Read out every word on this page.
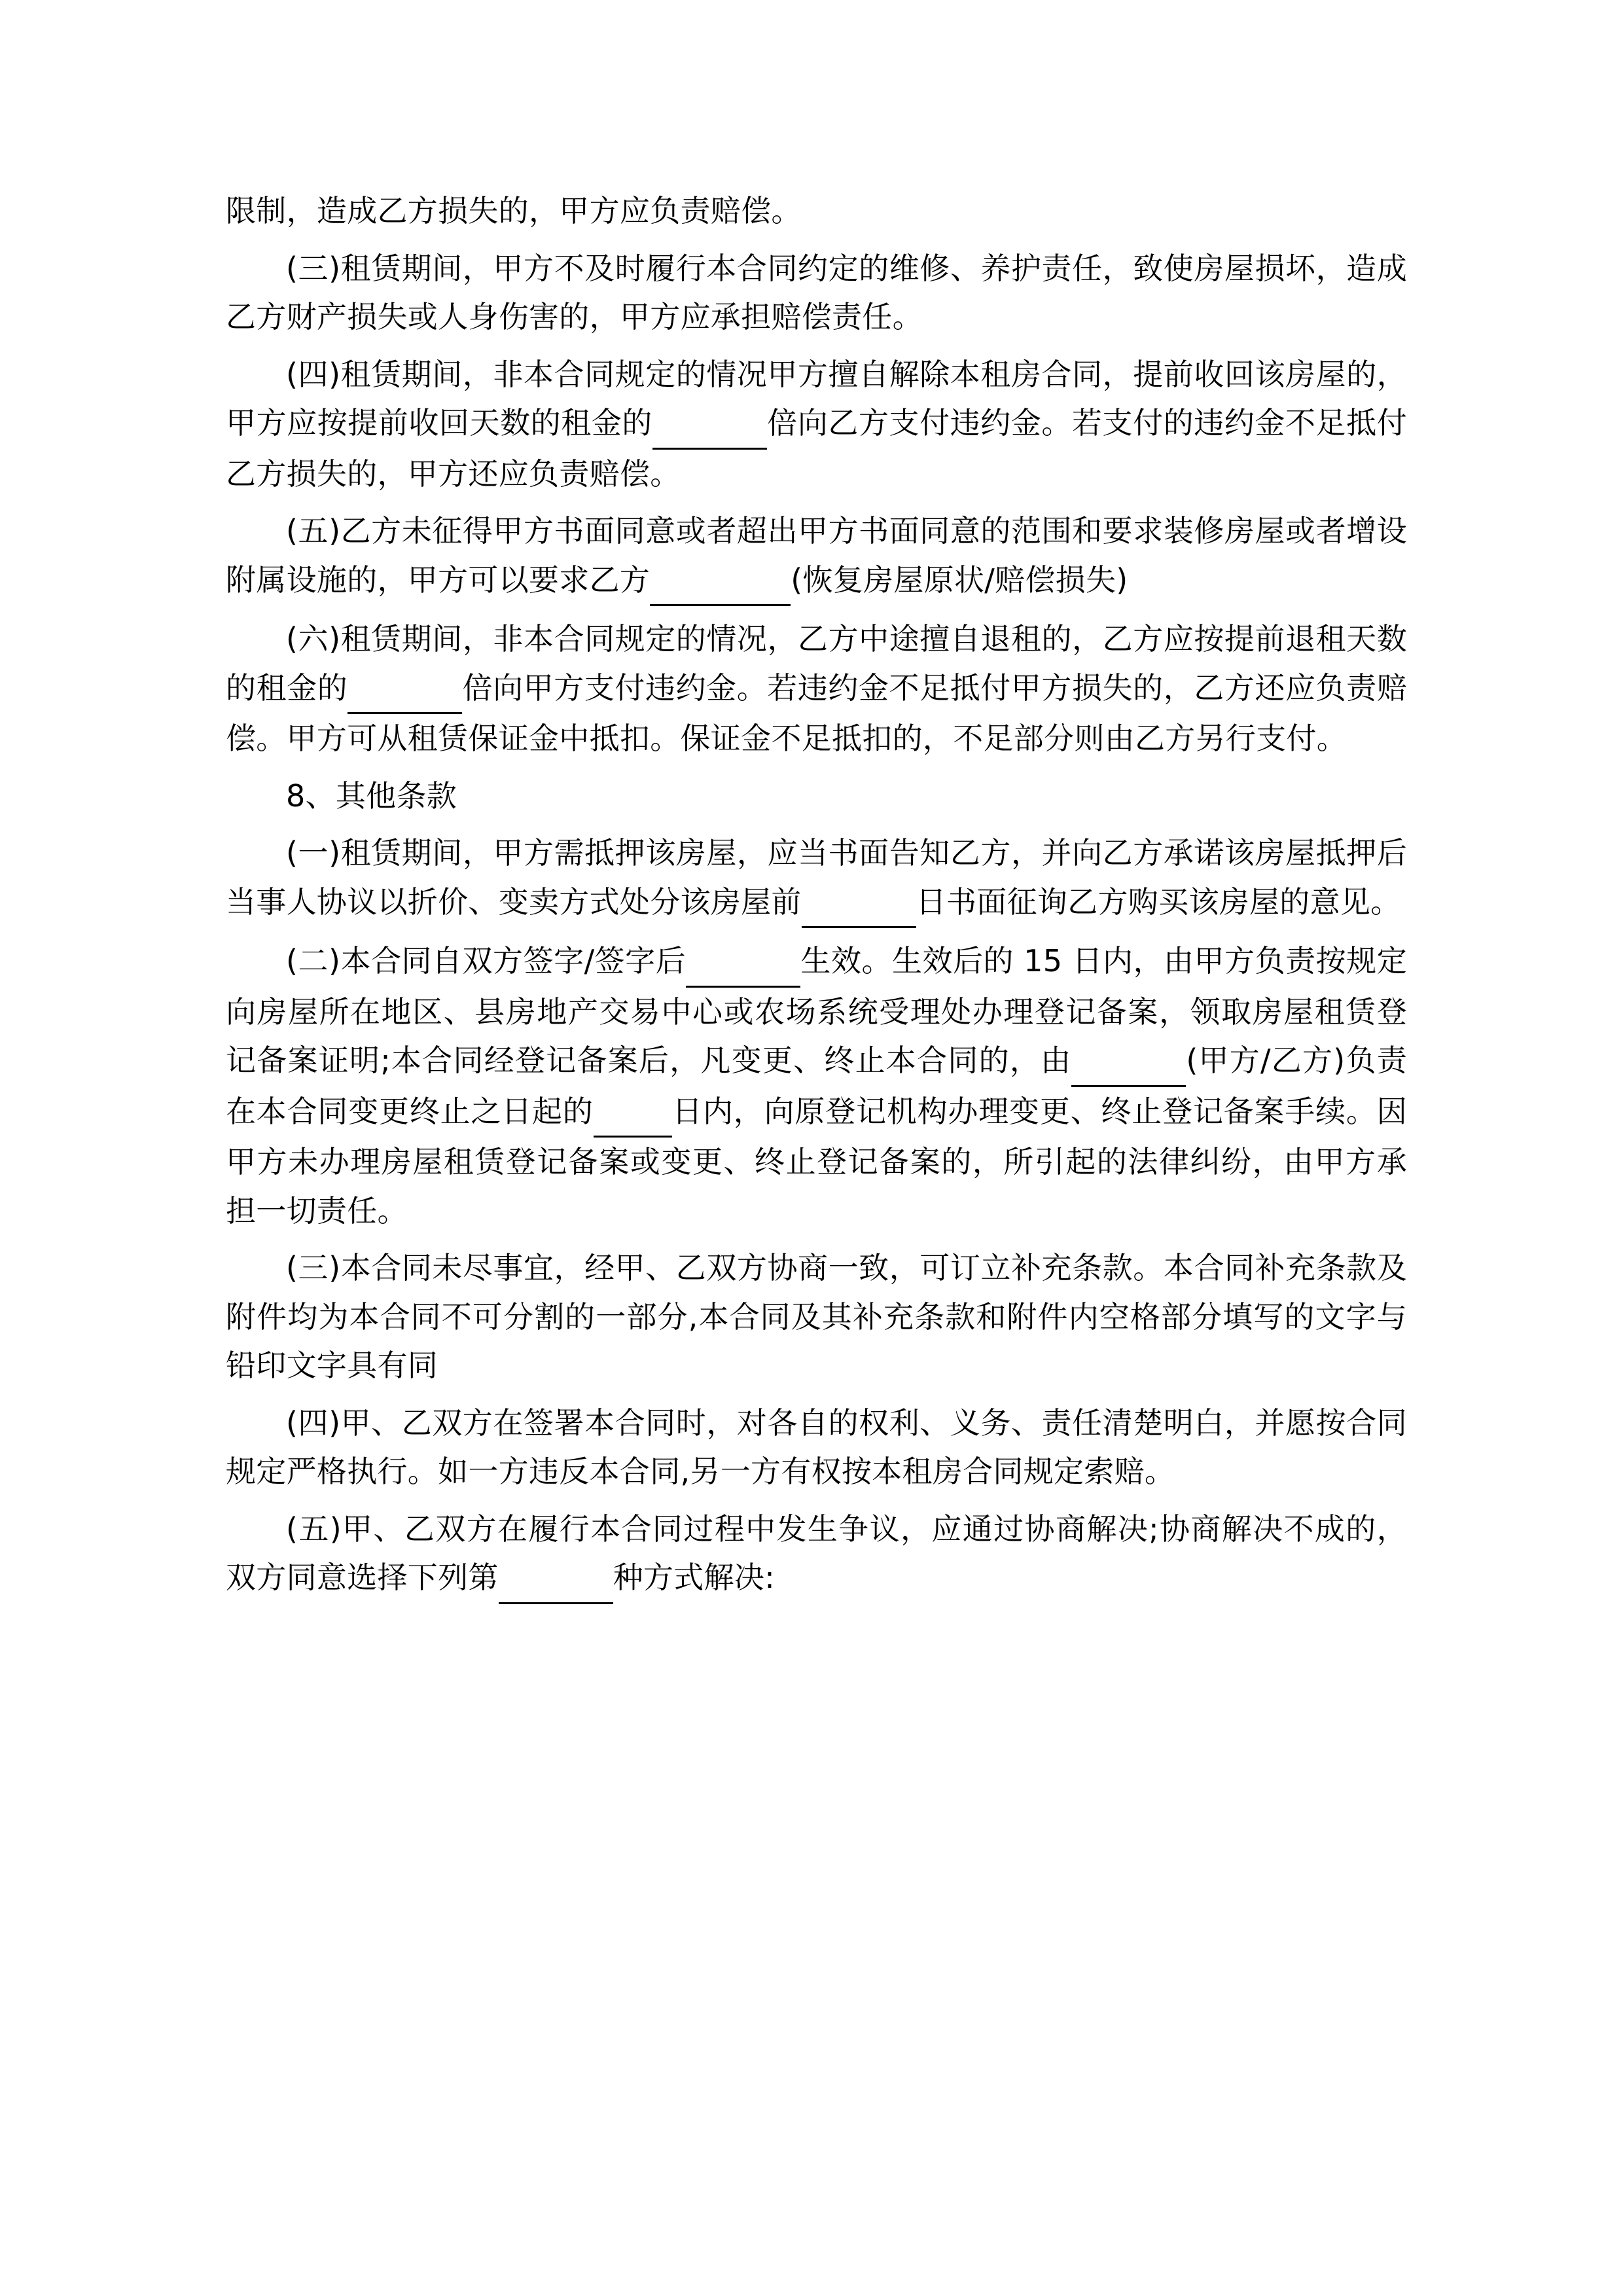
限制，造成乙方损失的，甲方应负责赔偿。

(三)租赁期间，甲方不及时履行本合同约定的维修、养护责任，致使房屋损坏，造成乙方财产损失或人身伤害的，甲方应承担赔偿责任。

(四)租赁期间，非本合同规定的情况甲方擅自解除本租房合同，提前收回该房屋的，甲方应按提前收回天数的租金的	倍向乙方支付违约金。若支付的违约金不足抵付乙方损失的，甲方还应负责赔偿。

(五)乙方未征得甲方书面同意或者超出甲方书面同意的范围和要求装修房屋或者增设附属设施的，甲方可以要求乙方	(恢复房屋原状/赔偿损失)

(六)租赁期间，非本合同规定的情况，乙方中途擅自退租的，乙方应按提前退租天数的租金的	倍向甲方支付违约金。若违约金不足抵付甲方损失的，乙方还应负责赔偿。甲方可从租赁保证金中抵扣。保证金不足抵扣的，不足部分则由乙方另行支付。

8、其他条款

(一)租赁期间，甲方需抵押该房屋，应当书面告知乙方，并向乙方承诺该房屋抵押后当事人协议以折价、变卖方式处分该房屋前	日书面征询乙方购买该房屋的意见。

(二)本合同自双方签字/签字后	生效。生效后的 15 日内，由甲方负责按规定向房屋所在地区、县房地产交易中心或农场系统受理处办理登记备案，领取房屋租赁登记备案证明;本合同经登记备案后，凡变更、终止本合同的，由	(甲方/乙方)负责在本合同变更终止之日起的	日内，向原登记机构办理变更、终止登记备案手续。因甲方未办理房屋租赁登记备案或变更、终止登记备案的，所引起的法律纠纷，由甲方承担一切责任。

(三)本合同未尽事宜，经甲、乙双方协商一致，可订立补充条款。本合同补充条款及附件均为本合同不可分割的一部分,本合同及其补充条款和附件内空格部分填写的文字与铅印文字具有同

(四)甲、乙双方在签署本合同时，对各自的权利、义务、责任清楚明白，并愿按合同规定严格执行。如一方违反本合同,另一方有权按本租房合同规定索赔。

(五)甲、乙双方在履行本合同过程中发生争议，应通过协商解决;协商解决不成的，双方同意选择下列第	种方式解决:
